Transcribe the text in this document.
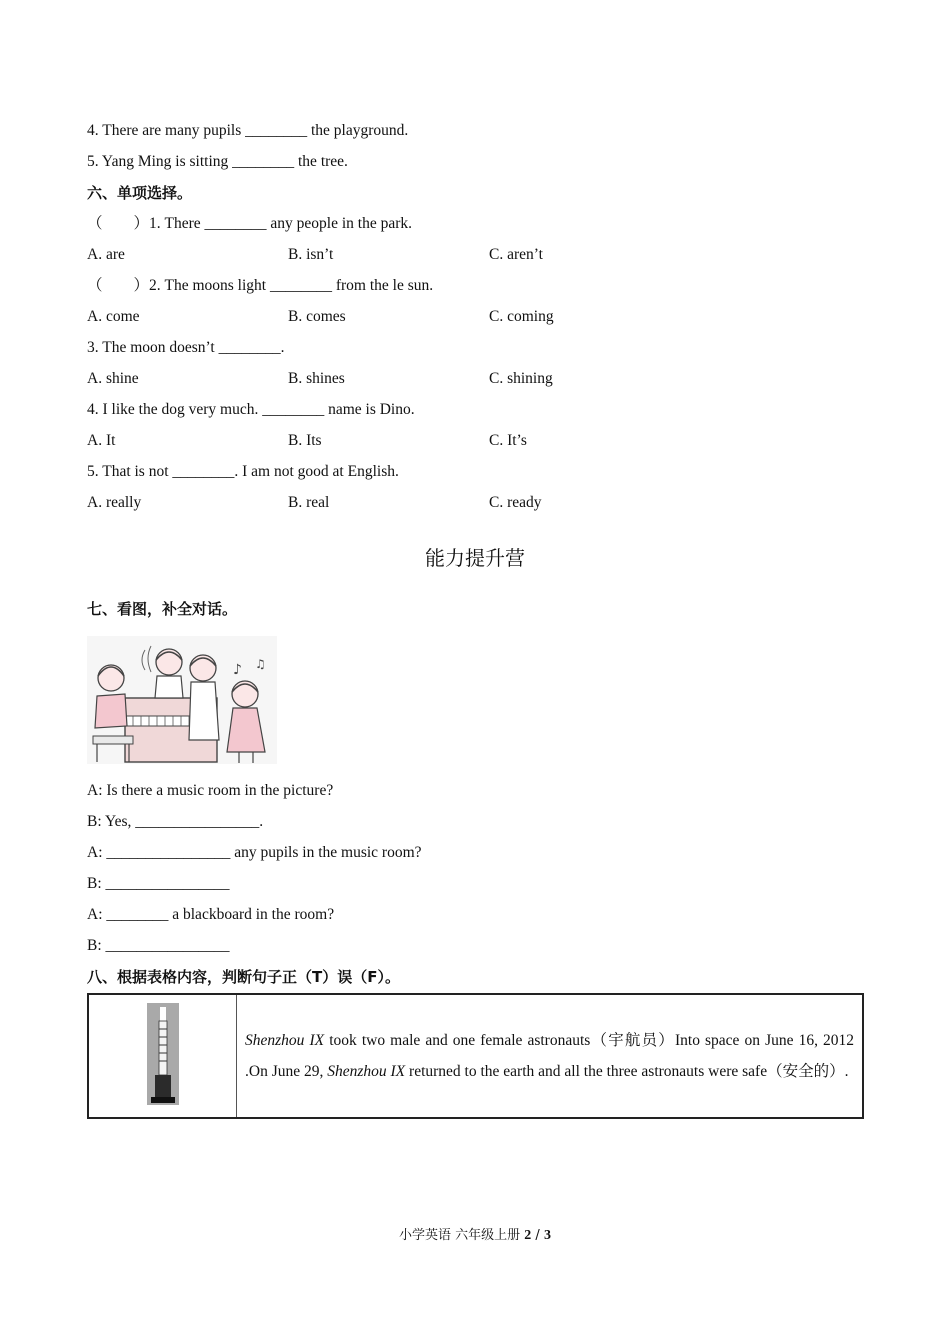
4. There are many pupils ________ the playground.
5. Yang Ming is sitting ________ the tree.
六、单项选择。
（　　）1. There ________ any people in the park.
A. are	B. isn’t	C. aren’t
（　　）2. The moons light ________ from the le sun.
A. come	B. comes	C. coming
3. The moon doesn’t ________.
A. shine	B. shines	C. shining
4. I like the dog very much. ________ name is Dino.
A. It	B. Its	C. It’s
5. That is not ________. I am not good at English.
A. really	B. real	C. ready
能力提升营
七、看图，补全对话。
♪ ♫
A: Is there a music room in the picture?
B: Yes, ________________.
A: ________________ any pupils in the music room?
B: ________________
A: ________ a blackboard in the room?
B: ________________
八、根据表格内容，判断句子正（T）误（F）。
	Shenzhou IX took two male and one female astronauts（宇航员）Into space on June 16, 2012 .On June 29, Shenzhou IX returned to the earth and all the three astronauts were safe（安全的）.
小学英语 六年级上册 2 / 3
